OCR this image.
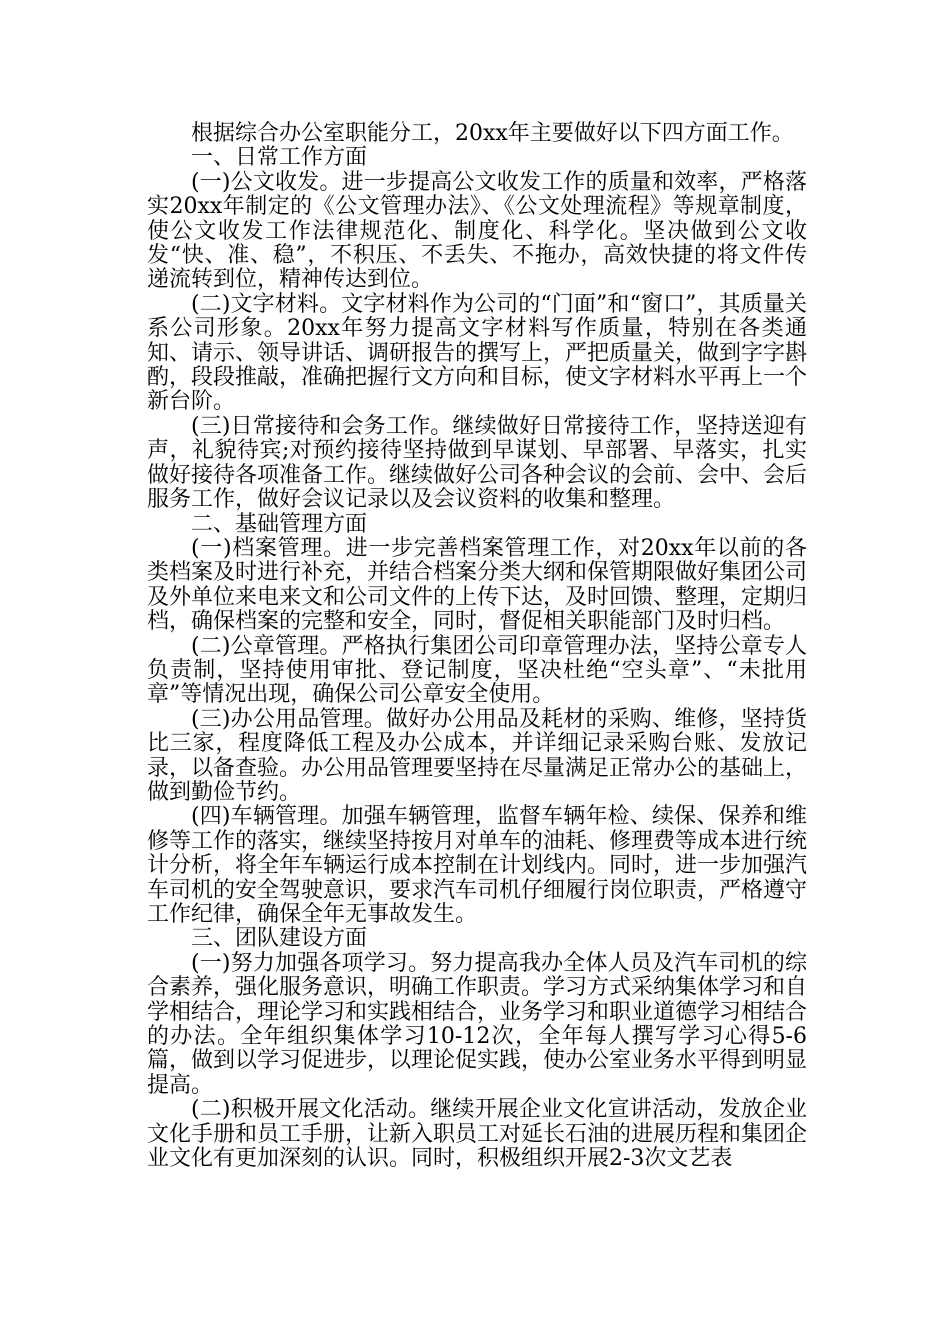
根据综合办公室职能分工，20xx年主要做好以下四方面工作。

一、日常工作方面

(一)公文收发。进一步提高公文收发工作的质量和效率，严格落实20xx年制定的《公文管理办法》、《公文处理流程》等规章制度，使公文收发工作法律规范化、制度化、科学化。坚决做到公文收发“快、准、稳”，不积压、不丢失、不拖办，高效快捷的将文件传递流转到位，精神传达到位。

(二)文字材料。文字材料作为公司的“门面”和“窗口”，其质量关系公司形象。20xx年努力提高文字材料写作质量，特别在各类通知、请示、领导讲话、调研报告的撰写上，严把质量关，做到字字斟酌，段段推敲，准确把握行文方向和目标，使文字材料水平再上一个新台阶。

(三)日常接待和会务工作。继续做好日常接待工作，坚持送迎有声，礼貌待宾;对预约接待坚持做到早谋划、早部署、早落实，扎实做好接待各项准备工作。继续做好公司各种会议的会前、会中、会后服务工作，做好会议记录以及会议资料的收集和整理。

二、基础管理方面

(一)档案管理。进一步完善档案管理工作，对20xx年以前的各类档案及时进行补充，并结合档案分类大纲和保管期限做好集团公司及外单位来电来文和公司文件的上传下达，及时回馈、整理，定期归档，确保档案的完整和安全，同时，督促相关职能部门及时归档。

(二)公章管理。严格执行集团公司印章管理办法，坚持公章专人负责制，坚持使用审批、登记制度，坚决杜绝“空头章”、“未批用章”等情况出现，确保公司公章安全使用。

(三)办公用品管理。做好办公用品及耗材的采购、维修，坚持货比三家，程度降低工程及办公成本，并详细记录采购台账、发放记录，以备查验。办公用品管理要坚持在尽量满足正常办公的基础上，做到勤俭节约。

(四)车辆管理。加强车辆管理，监督车辆年检、续保、保养和维修等工作的落实，继续坚持按月对单车的油耗、修理费等成本进行统计分析，将全年车辆运行成本控制在计划线内。同时，进一步加强汽车司机的安全驾驶意识，要求汽车司机仔细履行岗位职责，严格遵守工作纪律，确保全年无事故发生。

三、团队建设方面

(一)努力加强各项学习。努力提高我办全体人员及汽车司机的综合素养，强化服务意识，明确工作职责。学习方式采纳集体学习和自学相结合，理论学习和实践相结合，业务学习和职业道德学习相结合的办法。全年组织集体学习10-12次，全年每人撰写学习心得5-6篇，做到以学习促进步，以理论促实践，使办公室业务水平得到明显提高。

(二)积极开展文化活动。继续开展企业文化宣讲活动，发放企业文化手册和员工手册，让新入职员工对延长石油的进展历程和集团企业文化有更加深刻的认识。同时，积极组织开展2-3次文艺表
